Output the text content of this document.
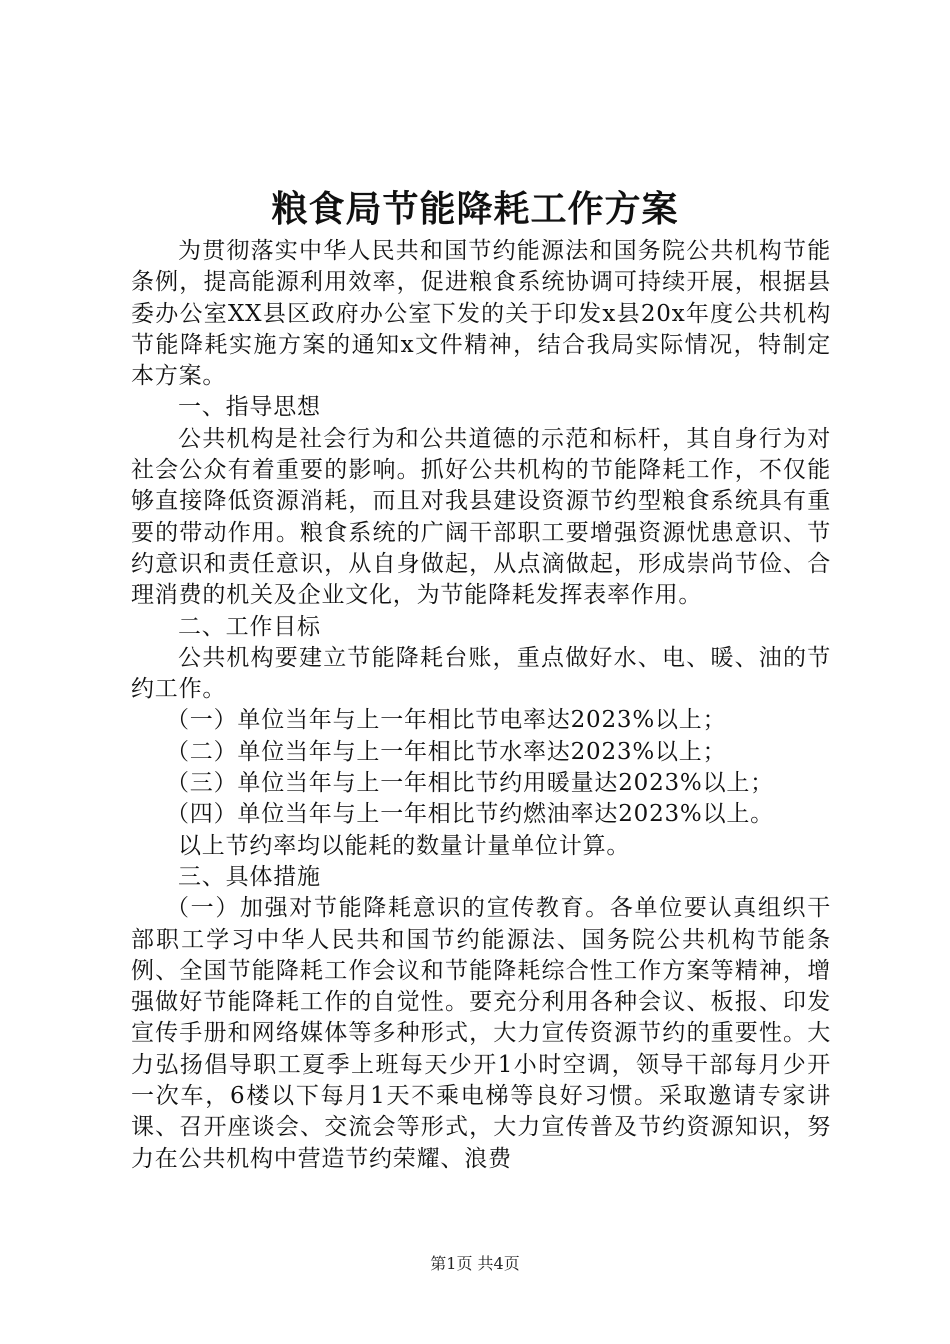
粮食局节能降耗工作方案

为贯彻落实中华人民共和国节约能源法和国务院公共机构节能条例，提高能源利用效率，促进粮食系统协调可持续开展，根据县委办公室XX县区政府办公室下发的关于印发x县20x年度公共机构节能降耗实施方案的通知x文件精神，结合我局实际情况，特制定本方案。

一、指导思想

公共机构是社会行为和公共道德的示范和标杆，其自身行为对社会公众有着重要的影响。抓好公共机构的节能降耗工作，不仅能够直接降低资源消耗，而且对我县建设资源节约型粮食系统具有重要的带动作用。粮食系统的广阔干部职工要增强资源忧患意识、节约意识和责任意识，从自身做起，从点滴做起，形成崇尚节俭、合理消费的机关及企业文化，为节能降耗发挥表率作用。

二、工作目标

公共机构要建立节能降耗台账，重点做好水、电、暖、油的节约工作。

（一）单位当年与上一年相比节电率达2023%以上；

（二）单位当年与上一年相比节水率达2023%以上；

（三）单位当年与上一年相比节约用暖量达2023%以上；

（四）单位当年与上一年相比节约燃油率达2023%以上。

以上节约率均以能耗的数量计量单位计算。

三、具体措施

（一）加强对节能降耗意识的宣传教育。各单位要认真组织干部职工学习中华人民共和国节约能源法、国务院公共机构节能条例、全国节能降耗工作会议和节能降耗综合性工作方案等精神，增强做好节能降耗工作的自觉性。要充分利用各种会议、板报、印发宣传手册和网络媒体等多种形式，大力宣传资源节约的重要性。大力弘扬倡导职工夏季上班每天少开1小时空调，领导干部每月少开一次车，6楼以下每月1天不乘电梯等良好习惯。采取邀请专家讲课、召开座谈会、交流会等形式，大力宣传普及节约资源知识，努力在公共机构中营造节约荣耀、浪费

第1页 共4页
